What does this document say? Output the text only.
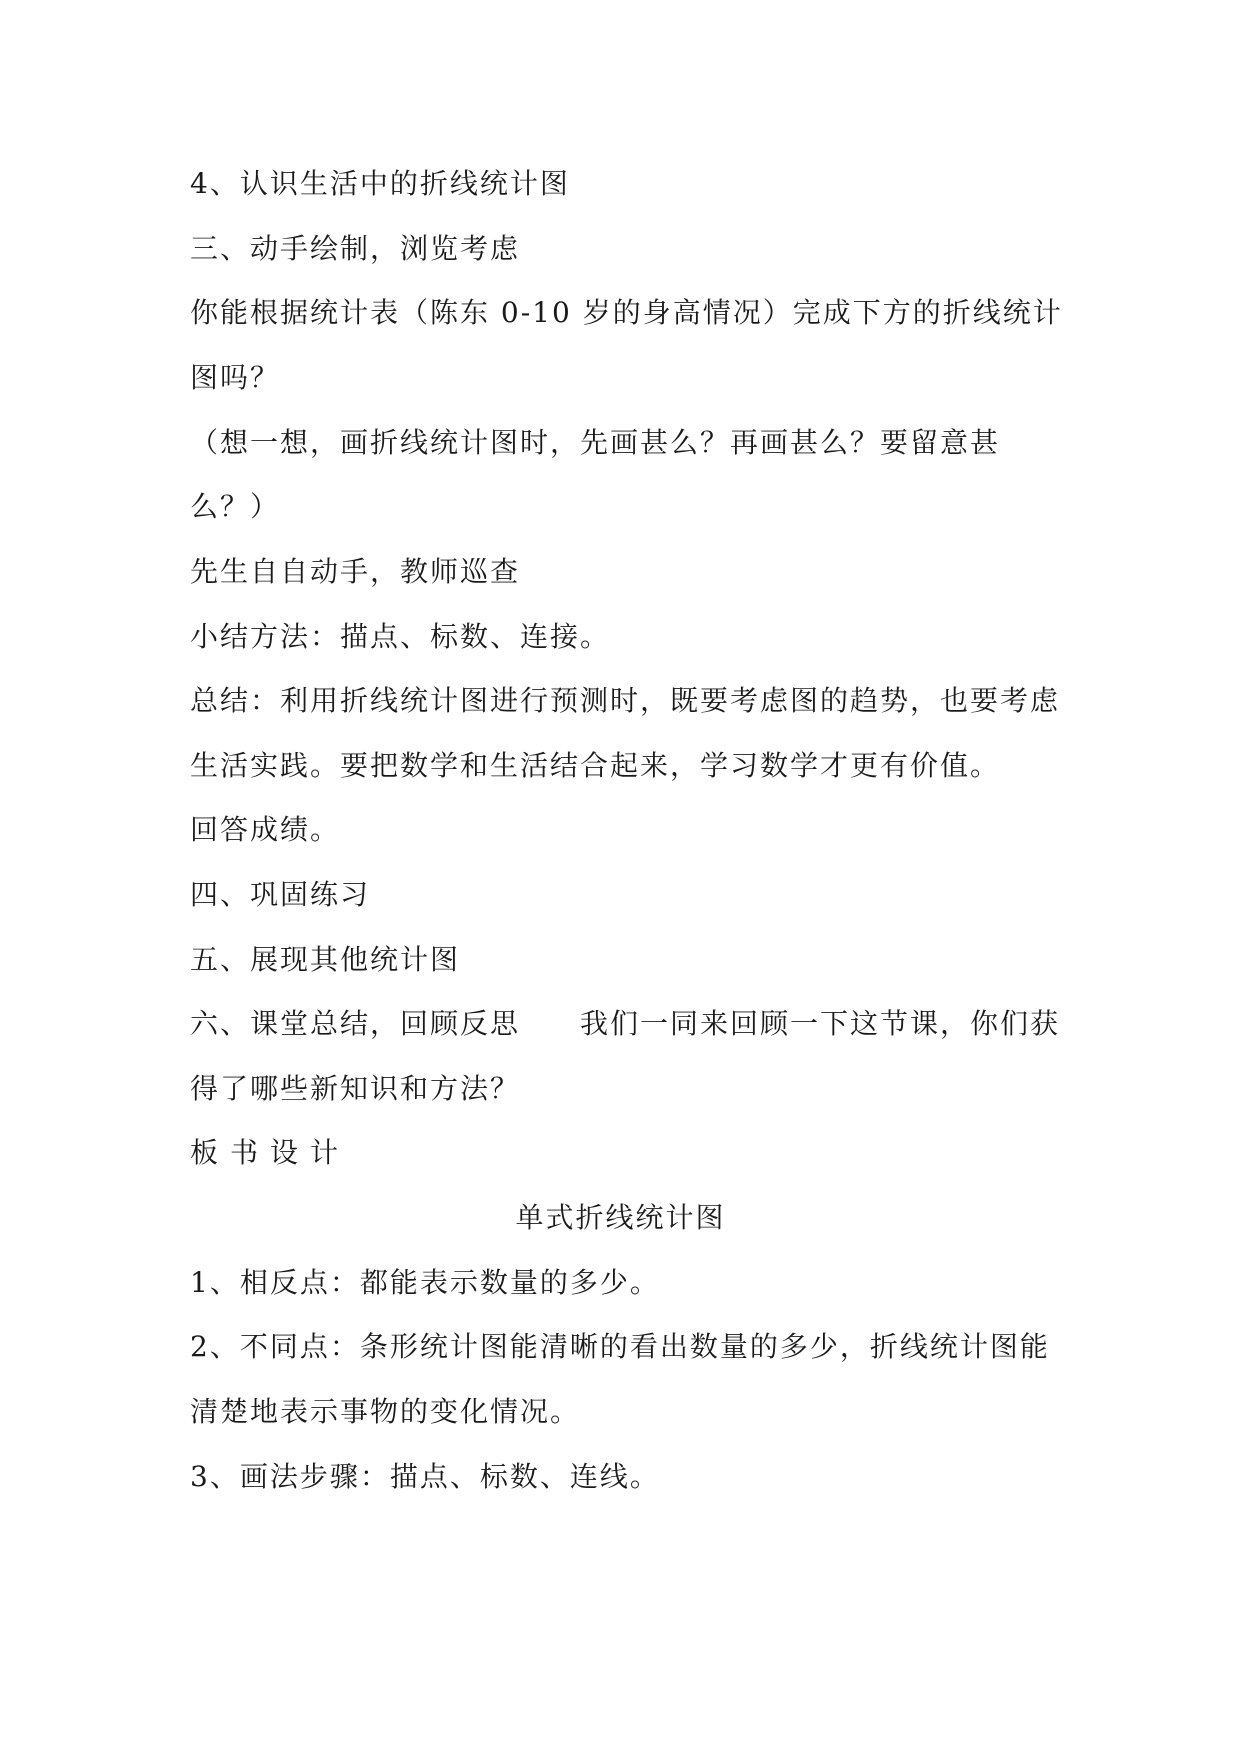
4、认识生活中的折线统计图
三、动手绘制，浏览考虑
你能根据统计表（陈东 0-10 岁的身高情况）完成下方的折线统计
图吗？
（想一想，画折线统计图时，先画甚么？再画甚么？要留意甚
么？）
先生自自动手，教师巡查
小结方法：描点、标数、连接。
总结：利用折线统计图进行预测时，既要考虑图的趋势，也要考虑
生活实践。要把数学和生活结合起来，学习数学才更有价值。
回答成绩。
四、巩固练习
五、展现其他统计图
六、课堂总结，回顾反思　　我们一同来回顾一下这节课，你们获
得了哪些新知识和方法？
板书设计
单式折线统计图
1、相反点：都能表示数量的多少。
2、不同点：条形统计图能清晰的看出数量的多少，折线统计图能
清楚地表示事物的变化情况。
3、画法步骤：描点、标数、连线。
